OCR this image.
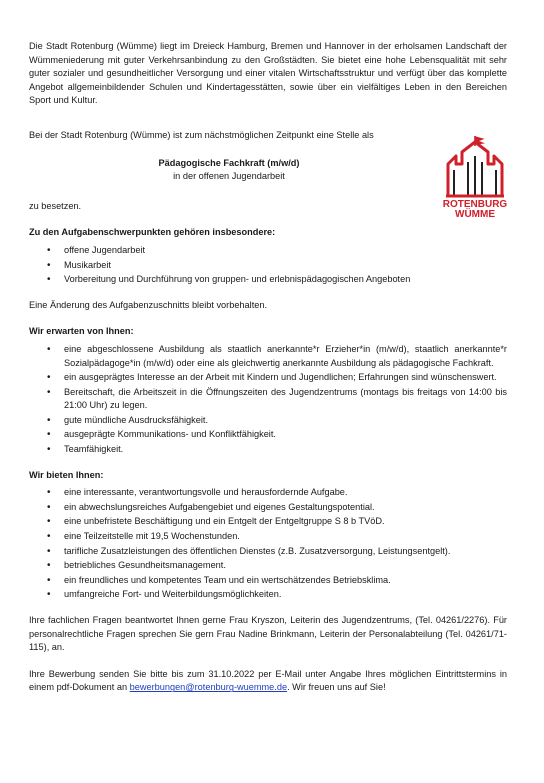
ROTENBURG
WÜMME

Die Stadt Rotenburg (Wümme) liegt im Dreieck Hamburg, Bremen und Hannover in der erholsamen Landschaft der Wümmeniederung mit guter Verkehrsanbindung zu den Großstädten. Sie bietet eine hohe Lebensqualität mit sehr guter sozialer und gesundheitlicher Versorgung und einer vitalen Wirtschaftsstruktur und verfügt über das komplette Angebot allgemeinbildender Schulen und Kindertagesstätten, sowie über ein vielfältiges Leben in den Bereichen Sport und Kultur.

Bei der Stadt Rotenburg (Wümme) ist zum nächstmöglichen Zeitpunkt eine Stelle als

Pädagogische Fachkraft (m/w/d)

in der offenen Jugendarbeit

zu besetzen.

Zu den Aufgabenschwerpunkten gehören insbesondere:

• offene Jugendarbeit
• Musikarbeit
• Vorbereitung und Durchführung von gruppen- und erlebnispädagogischen Angeboten

Eine Änderung des Aufgabenzuschnitts bleibt vorbehalten.

Wir erwarten von Ihnen:

• eine abgeschlossene Ausbildung als staatlich anerkannte*r Erzieher*in (m/w/d), staatlich anerkannte*r Sozialpädagoge*in (m/w/d) oder eine als gleichwertig anerkannte Ausbildung als pädagogische Fachkraft.
• ein ausgeprägtes Interesse an der Arbeit mit Kindern und Jugendlichen; Erfahrungen sind wünschenswert.
• Bereitschaft, die Arbeitszeit in die Öffnungszeiten des Jugendzentrums (montags bis freitags von 14:00 bis 21:00 Uhr) zu legen.
• gute mündliche Ausdrucksfähigkeit.
• ausgeprägte Kommunikations- und Konfliktfähigkeit.
• Teamfähigkeit.

Wir bieten Ihnen:

• eine interessante, verantwortungsvolle und herausfordernde Aufgabe.
• ein abwechslungsreiches Aufgabengebiet und eigenes Gestaltungspotential.
• eine unbefristete Beschäftigung und ein Entgelt der Entgeltgruppe S 8 b TVöD.
• eine Teilzeitstelle mit 19,5 Wochenstunden.
• tarifliche Zusatzleistungen des öffentlichen Dienstes (z.B. Zusatzversorgung, Leistungsentgelt).
• betriebliches Gesundheitsmanagement.
• ein freundliches und kompetentes Team und ein wertschätzendes Betriebsklima.
• umfangreiche Fort- und Weiterbildungsmöglichkeiten.

Ihre fachlichen Fragen beantwortet Ihnen gerne Frau Kryszon, Leiterin des Jugendzentrums, (Tel. 04261/2276). Für personalrechtliche Fragen sprechen Sie gern Frau Nadine Brinkmann, Leiterin der Personalabteilung (Tel. 04261/71-115), an.

Ihre Bewerbung senden Sie bitte bis zum 31.10.2022 per E-Mail unter Angabe Ihres möglichen Eintrittstermins in einem pdf-Dokument an bewerbungen@rotenburg-wuemme.de. Wir freuen uns auf Sie!
